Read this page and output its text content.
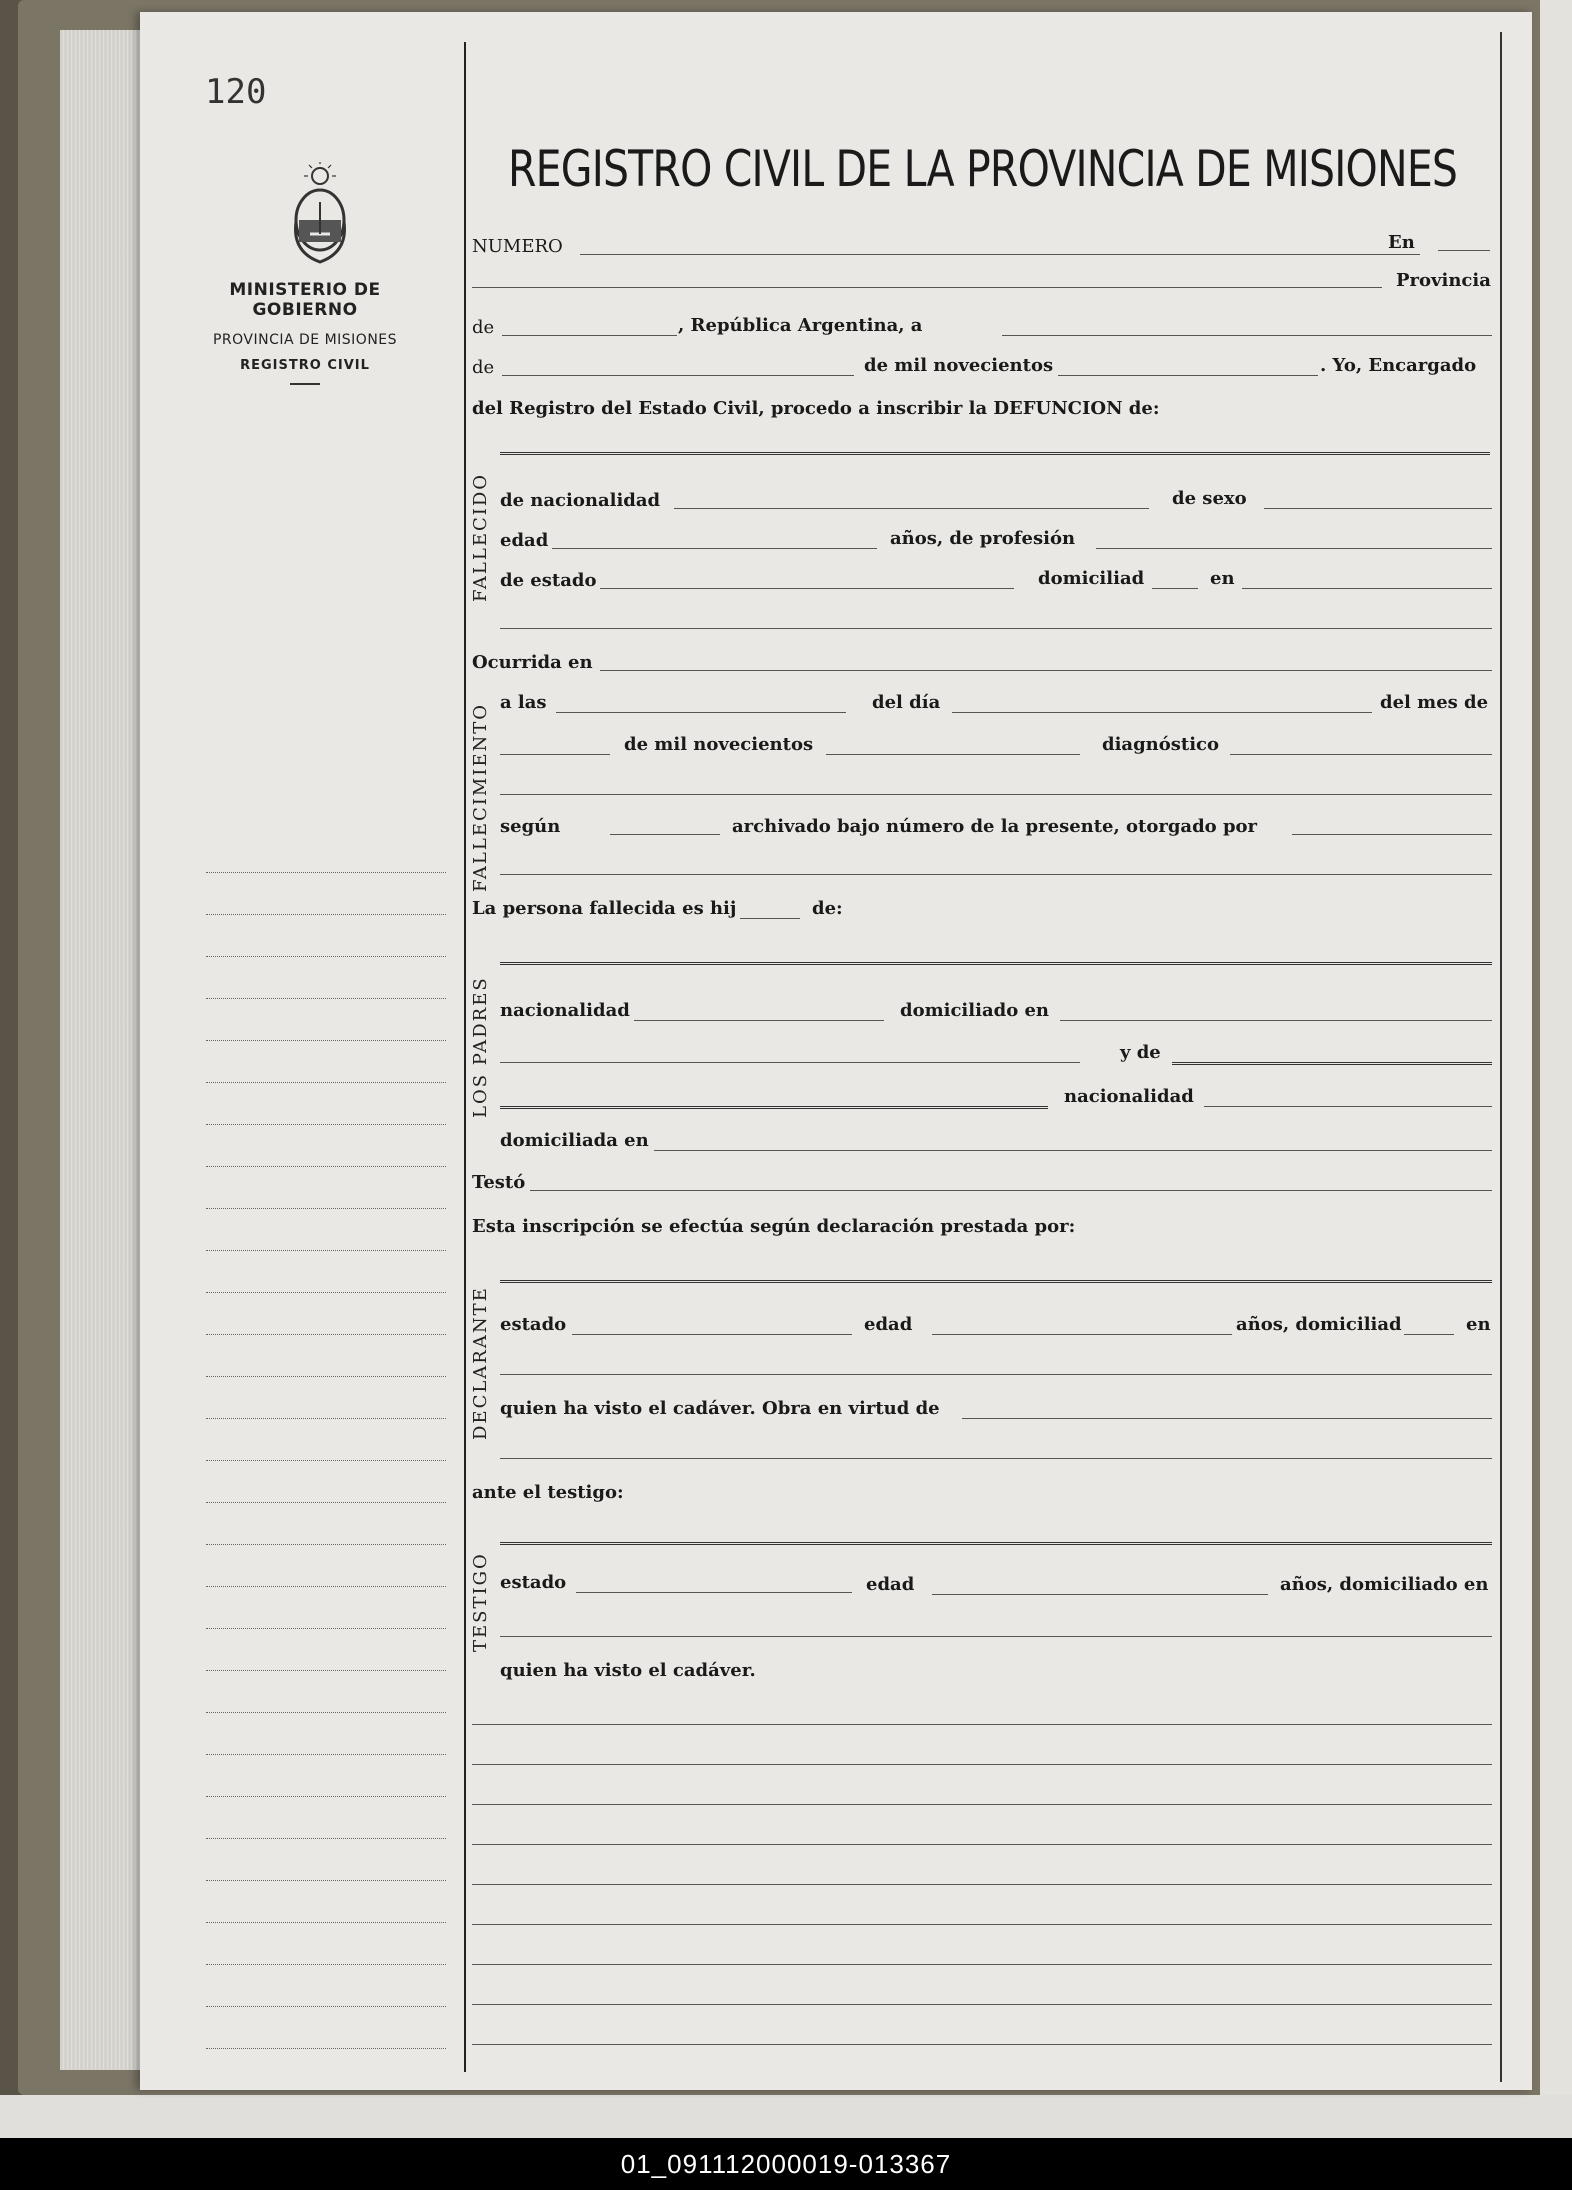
120
MINISTERIO DE GOBIERNO
PROVINCIA DE MISIONES
REGISTRO CIVIL
REGISTRO CIVIL DE LA PROVINCIA DE MISIONES
NUMERO	En
Provincia
de	, República Argentina, a
de	de mil novecientos	. Yo, Encargado
del Registro del Estado Civil, procedo a inscribir la DEFUNCION de:
FALLECIDO de nacionalidad	de sexo
edad	años, de profesión
de estado	domiciliad	en
Ocurrida en
FALLECIMIENTO
a las	del día	del mes de
de mil novecientos	diagnóstico
según	archivado bajo número de la presente, otorgado por
La persona fallecida es hij	de:
LOS PADRES nacionalidad	domiciliado en
y de
nacionalidad
domiciliada en
Testó
Esta inscripción se efectúa según declaración prestada por:
DECLARANTE estado	edad	años, domiciliad	en
quien ha visto el cadáver. Obra en virtud de
ante el testigo:
TESTIGO estado	edad	años, domiciliado en
quien ha visto el cadáver.
01_091112000019-013367
